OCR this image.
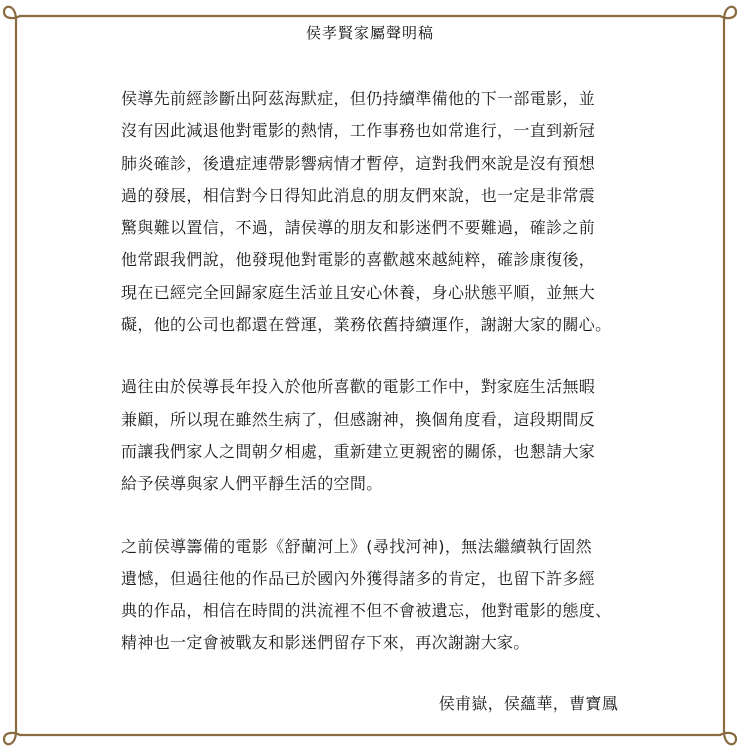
侯孝賢家屬聲明稿

侯導先前經診斷出阿茲海默症，但仍持續準備他的下一部電影，並
沒有因此減退他對電影的熱情，工作事務也如常進行，一直到新冠
肺炎確診，後遺症連帶影響病情才暫停，這對我們來說是沒有預想
過的發展，相信對今日得知此消息的朋友們來說，也一定是非常震
驚與難以置信，不過，請侯導的朋友和影迷們不要難過，確診之前
他常跟我們說，他發現他對電影的喜歡越來越純粹，確診康復後，
現在已經完全回歸家庭生活並且安心休養，身心狀態平順，並無大
礙，他的公司也都還在營運，業務依舊持續運作，謝謝大家的關心。

過往由於侯導長年投入於他所喜歡的電影工作中，對家庭生活無暇
兼顧，所以現在雖然生病了，但感謝神，換個角度看，這段期間反
而讓我們家人之間朝夕相處，重新建立更親密的關係，也懇請大家
給予侯導與家人們平靜生活的空間。

之前侯導籌備的電影《舒蘭河上》(尋找河神)，無法繼續執行固然
遺憾，但過往他的作品已於國內外獲得諸多的肯定，也留下許多經
典的作品，相信在時間的洪流裡不但不會被遺忘，他對電影的態度、
精神也一定會被戰友和影迷們留存下來，再次謝謝大家。

侯甫嶽，侯蘊華，曹寶鳳
